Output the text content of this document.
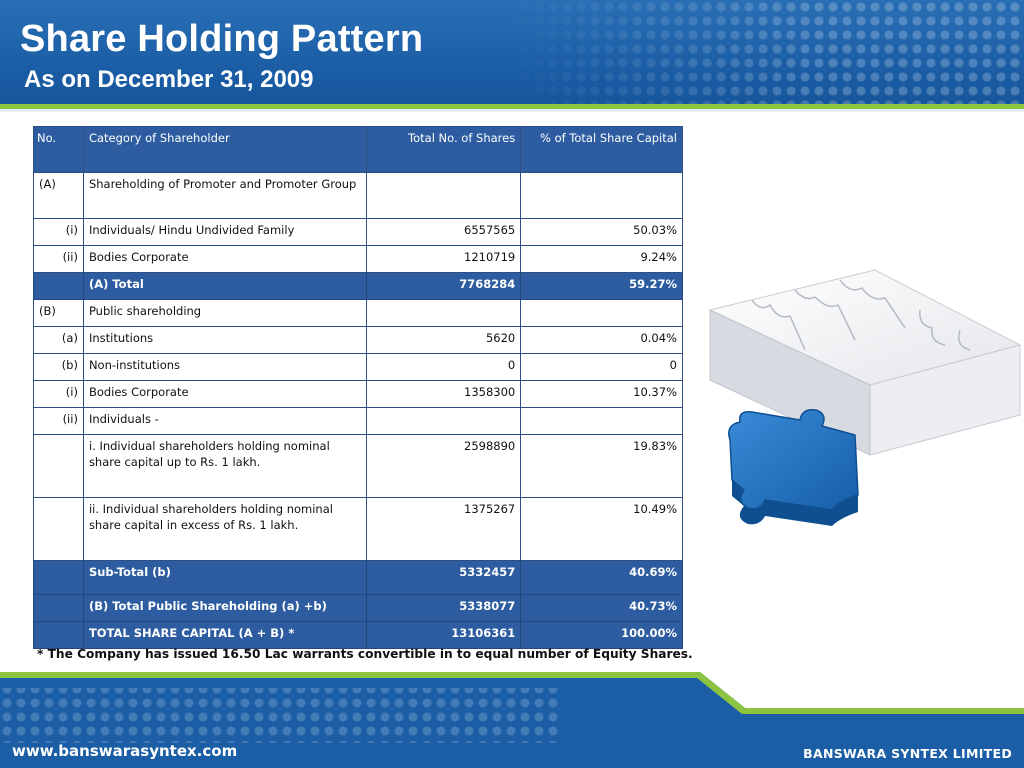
Share Holding Pattern
As on December 31, 2009
No.	Category of Shareholder	Total No. of Shares	% of Total Share Capital
(A)	Shareholding of Promoter and Promoter Group		
(i)	Individuals/ Hindu Undivided Family	6557565	50.03%
(ii)	Bodies Corporate	1210719	9.24%
	(A) Total	7768284	59.27%
(B)	Public shareholding		
(a)	Institutions	5620	0.04%
(b)	Non-institutions	0	0
(i)	Bodies Corporate	1358300	10.37%
(ii)	Individuals -		
	i. Individual shareholders holding nominal share capital up to Rs. 1 lakh.	2598890	19.83%
	ii. Individual shareholders holding nominal share capital in excess of Rs. 1 lakh.	1375267	10.49%
	Sub-Total (b)	5332457	40.69%
	(B) Total Public Shareholding (a) +b)	5338077	40.73%
	TOTAL SHARE CAPITAL (A + B) *	13106361	100.00%
* The Company has issued 16.50 Lac warrants convertible in to equal number of Equity Shares.
www.banswarasyntex.com	BANSWARA SYNTEX LIMITED
